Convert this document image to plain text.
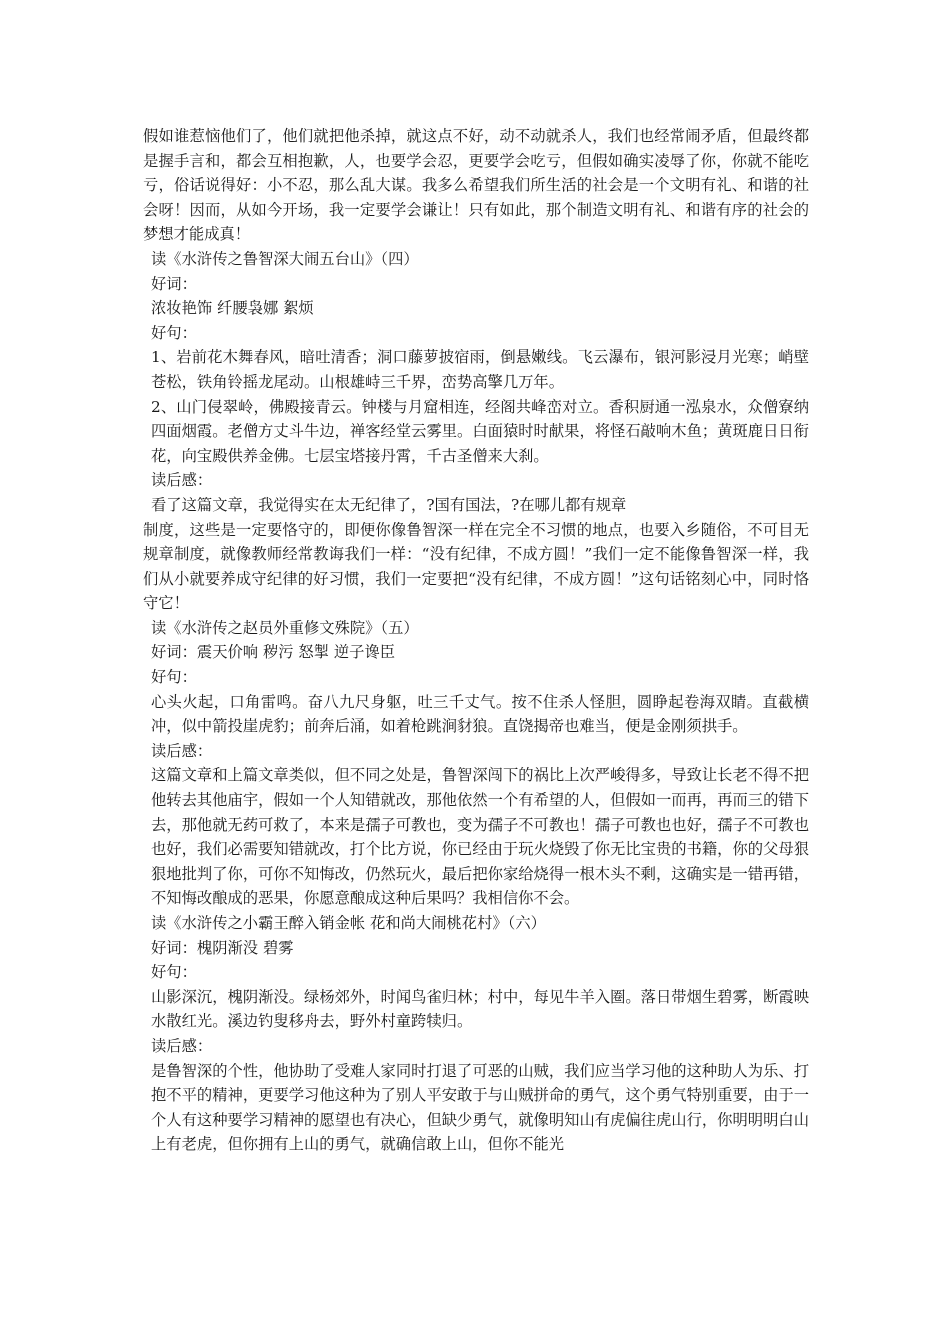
假如谁惹恼他们了，他们就把他杀掉，就这点不好，动不动就杀人，我们也经常闹矛盾，但最终都是握手言和，都会互相抱歉，人，也要学会忍，更要学会吃亏，但假如确实凌辱了你，你就不能吃亏，俗话说得好：小不忍，那么乱大谋。我多么希望我们所生活的社会是一个文明有礼、和谐的社会呀！因而，从如今开场，我一定要学会谦让！只有如此，那个制造文明有礼、和谐有序的社会的梦想才能成真！

读《水浒传之鲁智深大闹五台山》（四）

好词：

浓妆艳饰 纤腰袅娜 絮烦

好句：

1、岩前花木舞春风，暗吐清香；洞口藤萝披宿雨，倒悬嫩线。飞云瀑布，银河影浸月光寒；峭壁苍松，铁角铃摇龙尾动。山根雄峙三千界，峦势高擎几万年。

2、山门侵翠岭，佛殿接青云。钟楼与月窟相连，经阁共峰峦对立。香积厨通一泓泉水，众僧寮纳四面烟霞。老僧方丈斗牛边，禅客经堂云雾里。白面猿时时献果，将怪石敲响木鱼；黄斑鹿日日衔花，向宝殿供养金佛。七层宝塔接丹霄，千古圣僧来大刹。

读后感：

看了这篇文章，我觉得实在太无纪律了，?国有国法，?在哪儿都有规章

制度，这些是一定要恪守的，即便你像鲁智深一样在完全不习惯的地点，也要入乡随俗，不可目无规章制度，就像教师经常教诲我们一样：“没有纪律，不成方圆！”我们一定不能像鲁智深一样，我们从小就要养成守纪律的好习惯，我们一定要把“没有纪律，不成方圆！”这句话铭刻心中，同时恪守它！

读《水浒传之赵员外重修文殊院》（五）

好词：震天价响 秽污 怒掣 逆子谗臣

好句：

心头火起，口角雷鸣。奋八九尺身躯，吐三千丈气。按不住杀人怪胆，圆睁起卷海双睛。直截横冲，似中箭投崖虎豹；前奔后涌，如着枪跳涧豺狼。直饶揭帝也难当，便是金刚须拱手。

读后感：

这篇文章和上篇文章类似，但不同之处是，鲁智深闯下的祸比上次严峻得多，导致让长老不得不把他转去其他庙宇，假如一个人知错就改，那他依然一个有希望的人，但假如一而再，再而三的错下去，那他就无药可救了，本来是孺子可教也，变为孺子不可教也！孺子可教也也好，孺子不可教也也好，我们必需要知错就改，打个比方说，你已经由于玩火烧毁了你无比宝贵的书籍，你的父母狠狠地批判了你，可你不知悔改，仍然玩火，最后把你家给烧得一根木头不剩，这确实是一错再错，不知悔改酿成的恶果，你愿意酿成这种后果吗？我相信你不会。

读《水浒传之小霸王醉入销金帐 花和尚大闹桃花村》（六）

好词：槐阴渐没 碧雾

好句：

山影深沉，槐阴渐没。绿杨郊外，时闻鸟雀归林；村中，每见牛羊入圈。落日带烟生碧雾，断霞映水散红光。溪边钓叟移舟去，野外村童跨犊归。

读后感：

是鲁智深的个性，他协助了受难人家同时打退了可恶的山贼，我们应当学习他的这种助人为乐、打抱不平的精神，更要学习他这种为了别人平安敢于与山贼拼命的勇气，这个勇气特别重要，由于一个人有这种要学习精神的愿望也有决心，但缺少勇气，就像明知山有虎偏往虎山行，你明明明白山上有老虎，但你拥有上山的勇气，就确信敢上山，但你不能光
